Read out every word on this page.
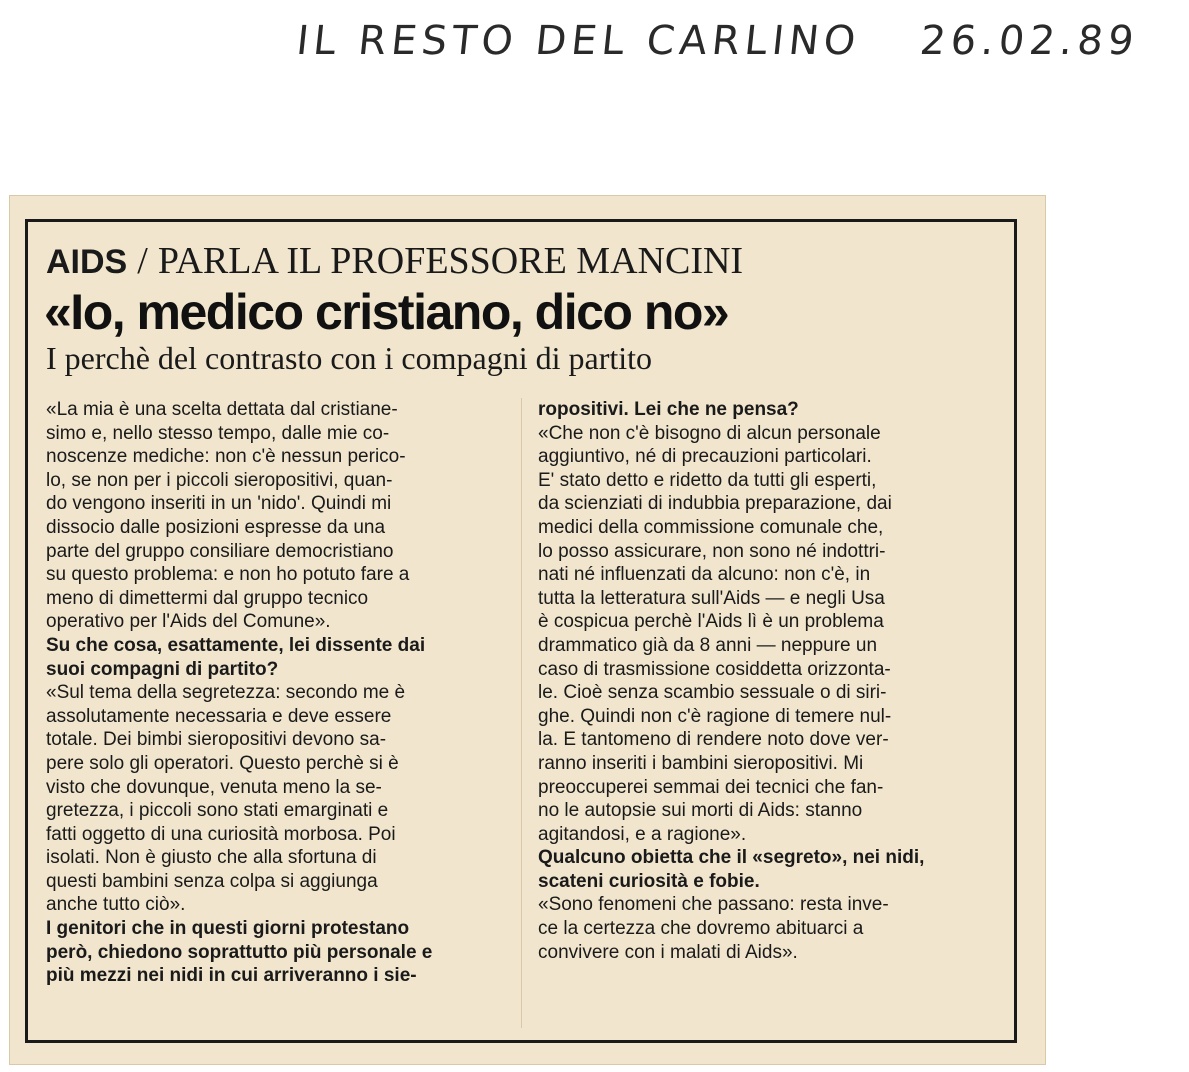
IL RESTO DEL CARLINO 26.02.89
AIDS / PARLA IL PROFESSORE MANCINI
«Io, medico cristiano, dico no»
I perchè del contrasto con i compagni di partito

«La mia è una scelta dettata dal cristiane-

simo e, nello stesso tempo, dalle mie co-

noscenze mediche: non c'è nessun perico-

lo, se non per i piccoli sieropositivi, quan-

do vengono inseriti in un 'nido'. Quindi mi

dissocio dalle posizioni espresse da una

parte del gruppo consiliare democristiano

su questo problema: e non ho potuto fare a

meno di dimettermi dal gruppo tecnico

operativo per l'Aids del Comune».

Su che cosa, esattamente, lei dissente dai

suoi compagni di partito?

«Sul tema della segretezza: secondo me è

assolutamente necessaria e deve essere

totale. Dei bimbi sieropositivi devono sa-

pere solo gli operatori. Questo perchè si è

visto che dovunque, venuta meno la se-

gretezza, i piccoli sono stati emarginati e

fatti oggetto di una curiosità morbosa. Poi

isolati. Non è giusto che alla sfortuna di

questi bambini senza colpa si aggiunga

anche tutto ciò».

I genitori che in questi giorni protestano

però, chiedono soprattutto più personale e

più mezzi nei nidi in cui arriveranno i sie-

ropositivi. Lei che ne pensa?

«Che non c'è bisogno di alcun personale

aggiuntivo, né di precauzioni particolari.

E' stato detto e ridetto da tutti gli esperti,

da scienziati di indubbia preparazione, dai

medici della commissione comunale che,

lo posso assicurare, non sono né indottri-

nati né influenzati da alcuno: non c'è, in

tutta la letteratura sull'Aids — e negli Usa

è cospicua perchè l'Aids lì è un problema

drammatico già da 8 anni — neppure un

caso di trasmissione cosiddetta orizzonta-

le. Cioè senza scambio sessuale o di siri-

ghe. Quindi non c'è ragione di temere nul-

la. E tantomeno di rendere noto dove ver-

ranno inseriti i bambini sieropositivi. Mi

preoccuperei semmai dei tecnici che fan-

no le autopsie sui morti di Aids: stanno

agitandosi, e a ragione».

Qualcuno obietta che il «segreto», nei nidi,

scateni curiosità e fobie.

«Sono fenomeni che passano: resta inve-

ce la certezza che dovremo abituarci a

convivere con i malati di Aids».
